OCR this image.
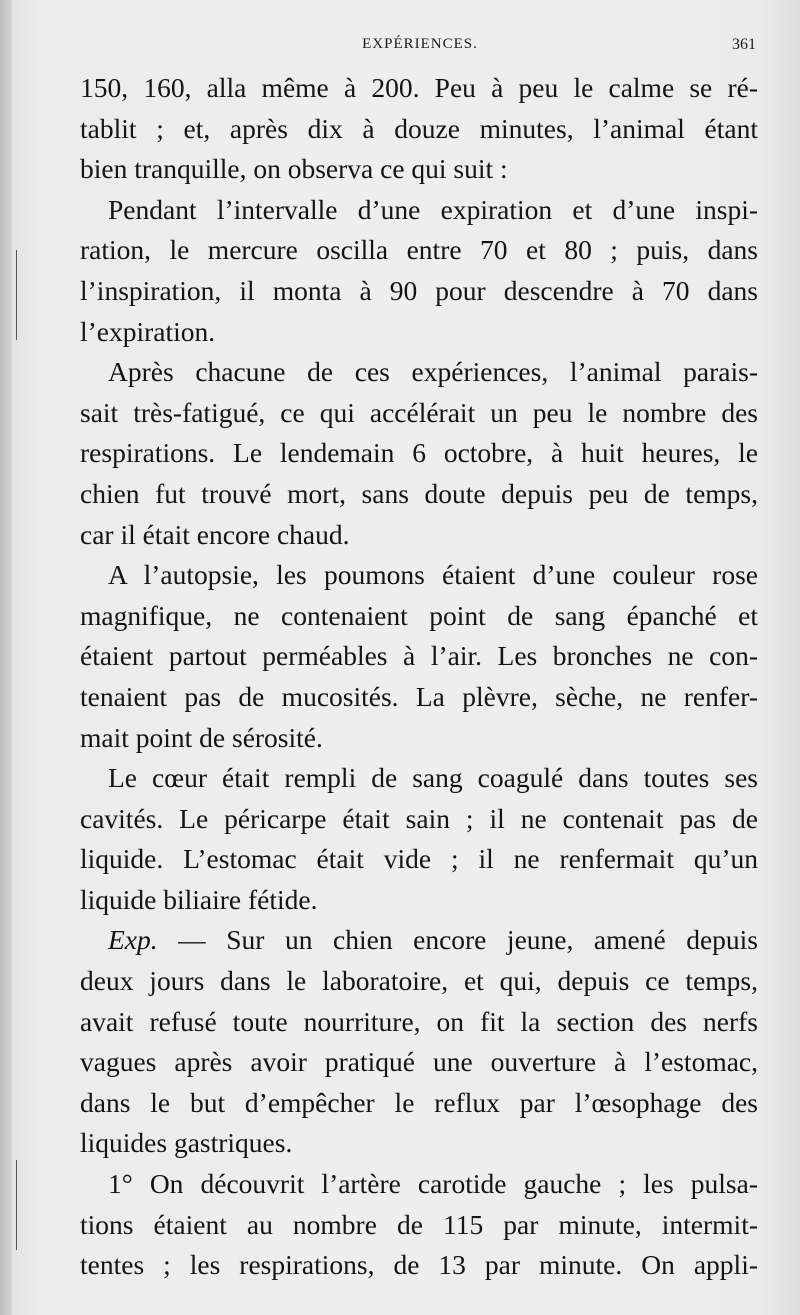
EXPÉRIENCES.	361
150, 160, alla même à 200. Peu à peu le calme se ré-
tablit ; et, après dix à douze minutes, l’animal étant
bien tranquille, on observa ce qui suit :
Pendant l’intervalle d’une expiration et d’une inspi-
ration, le mercure oscilla entre 70 et 80 ; puis, dans
l’inspiration, il monta à 90 pour descendre à 70 dans
l’expiration.
Après chacune de ces expériences, l’animal parais-
sait très-fatigué, ce qui accélérait un peu le nombre des
respirations. Le lendemain 6 octobre, à huit heures, le
chien fut trouvé mort, sans doute depuis peu de temps,
car il était encore chaud.
A l’autopsie, les poumons étaient d’une couleur rose
magnifique, ne contenaient point de sang épanché et
étaient partout perméables à l’air. Les bronches ne con-
tenaient pas de mucosités. La plèvre, sèche, ne renfer-
mait point de sérosité.
Le cœur était rempli de sang coagulé dans toutes ses
cavités. Le péricarpe était sain ; il ne contenait pas de
liquide. L’estomac était vide ; il ne renfermait qu’un
liquide biliaire fétide.
Exp. — Sur un chien encore jeune, amené depuis
deux jours dans le laboratoire, et qui, depuis ce temps,
avait refusé toute nourriture, on fit la section des nerfs
vagues après avoir pratiqué une ouverture à l’estomac,
dans le but d’empêcher le reflux par l’œsophage des
liquides gastriques.
1° On découvrit l’artère carotide gauche ; les pulsa-
tions étaient au nombre de 115 par minute, intermit-
tentes ; les respirations, de 13 par minute. On appli-
